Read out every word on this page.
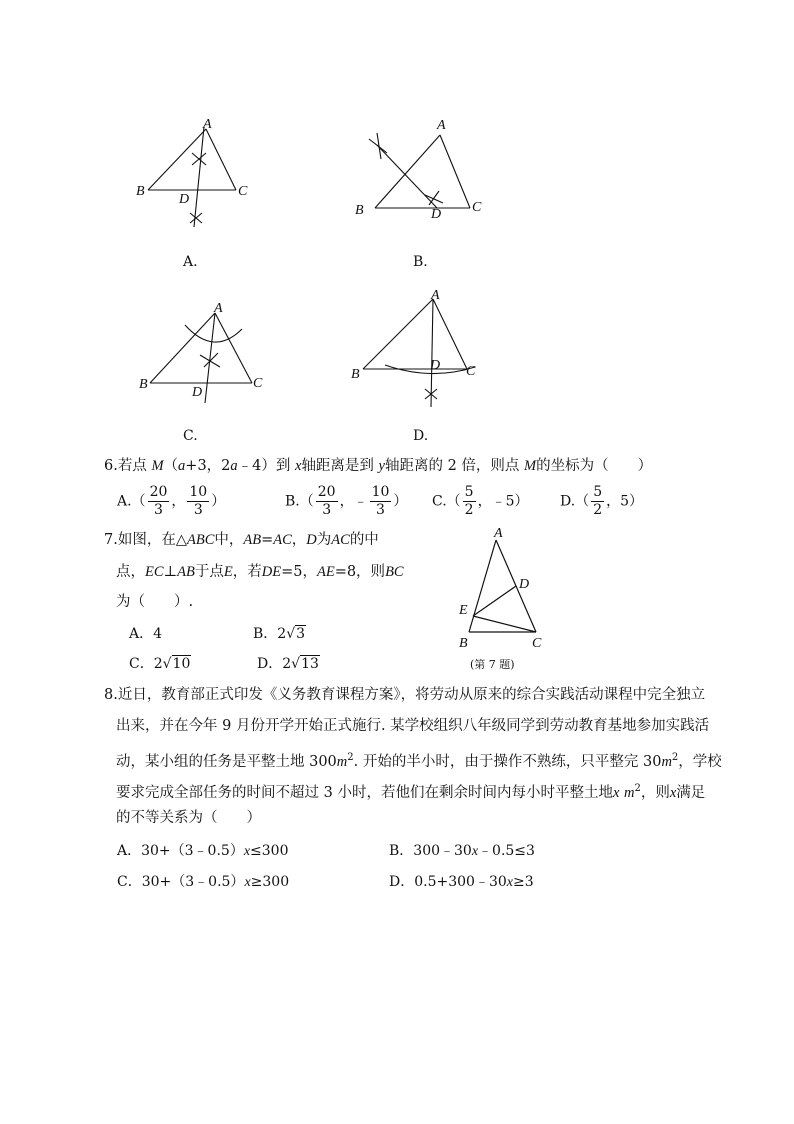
A
B	C
D
A.
A
B	C
D
B.
A
B	C
D
C.
A
B	C
D
D.
6.若点 M（a+3，2a﹣4）到 x轴距离是到 y轴距离的 2 倍，则点 M的坐标为（　　）
$A.( \frac{20}{3}$ ， $\frac{10}{3}$ ）	$B.( \frac{20}{3}$ ，﹣ $\frac{10}{3}$ ） $C.( \frac{5}{2}$ ，﹣5） $D.( \frac{5}{2}$ ，5）
7.如图，在△ABC中，AB=AC，D为AC的中
点，EC⊥AB于点E，若DE=5，AE=8，则BC
为（　　）.
A．4	B．2√3
C．2√10	D．2√13
A
D
E
B	C
(第 7 题)
8.近日，教育部正式印发《义务教育课程方案》，将劳动从原来的综合实践活动课程中完全独立
出来，并在今年 9 月份开学开始正式施行. 某学校组织八年级同学到劳动教育基地参加实践活
动，某小组的任务是平整土地 $300m^2$. 开始的半小时，由于操作不熟练，只平整完 $30m^2$，学校
要求完成全部任务的时间不超过 3 小时，若他们在剩余时间内每小时平整土地x $m^2$，则x满足
的不等关系为（　　）
A．30+（3﹣0.5）x≤300	B．300﹣30x﹣0.5≤3
C．30+（3﹣0.5）x≥300	D．0.5+300﹣30x≥3
